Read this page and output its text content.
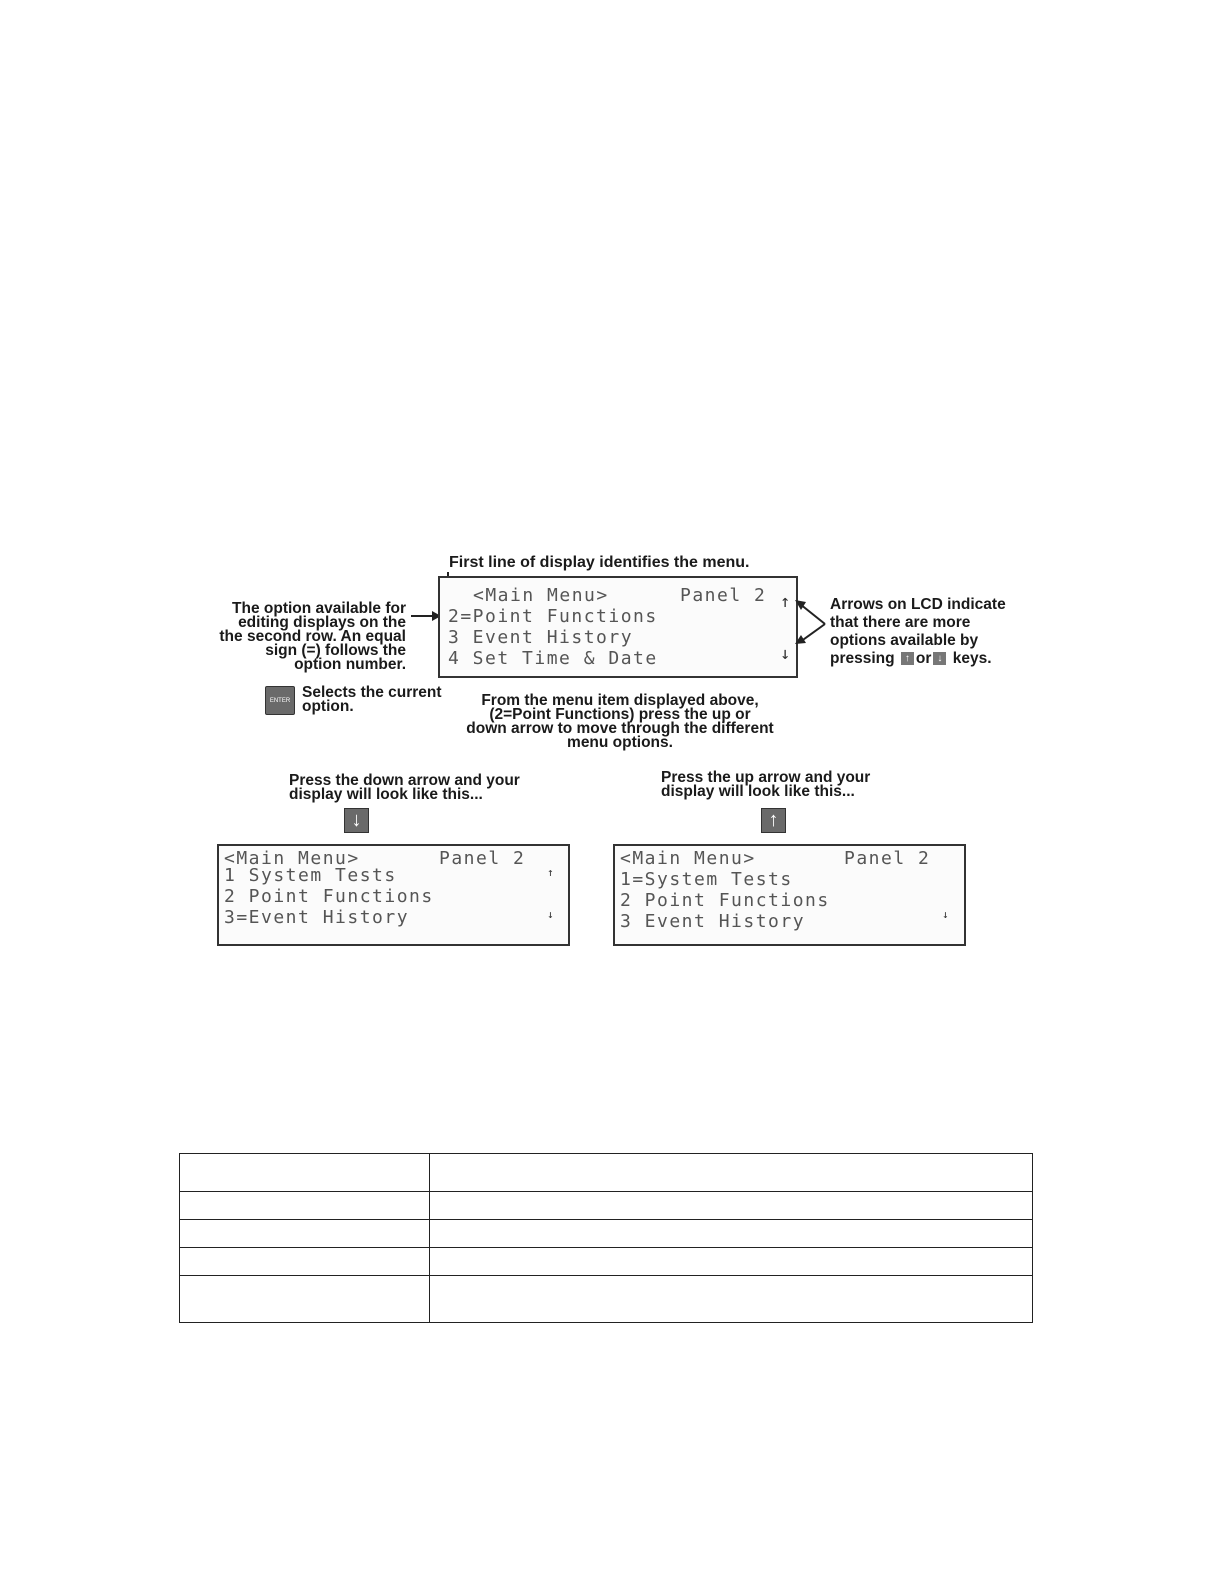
First line of display identifies the menu.
The option available for
editing displays on the
the second row. An equal
sign (=) follows the
option number.
<Main Menu>	Panel 2
2=Point Functions
3 Event History
4 Set Time & Date
↑
↓
Arrows on LCD indicate
that there are more
options available by
pressing ↑ or ↓ keys.
ENTER Selects the current
option.	From the menu item displayed above,
(2=Point Functions) press the up or
down arrow to move through the different
menu options.
Press the down arrow and your
display will look like this...
↓
<Main Menu>	Panel 2
1 System Tests
2 Point Functions
3=Event History
↑
↓
Press the up arrow and your
display will look like this...
↑
<Main Menu>	Panel 2
1=System Tests
2 Point Functions
3 Event History	↓
